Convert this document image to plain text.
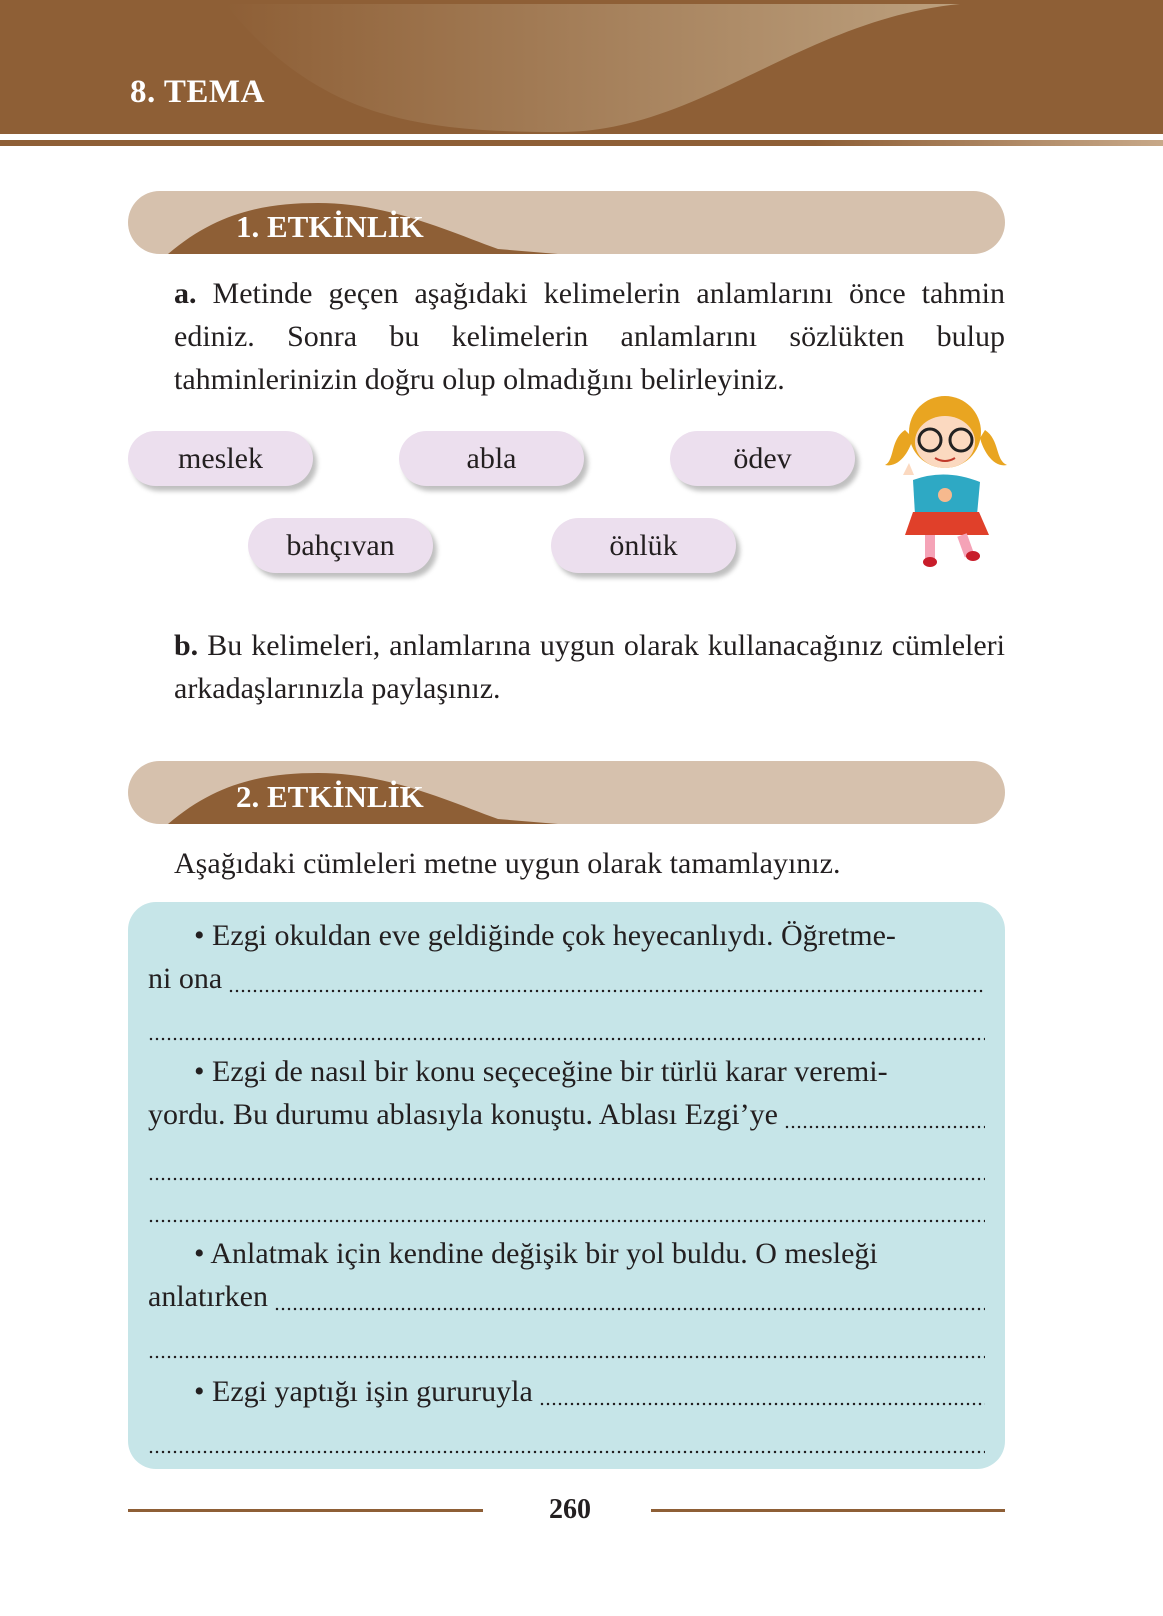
8. TEMA
1. ETKİNLİK
a. Metinde geçen aşağıdaki kelimelerin anlamlarını önce tahmin ediniz. Sonra bu kelimelerin anlamlarını sözlükten bulup tahminlerinizin doğru olup olmadığını belirleyiniz.
meslek	abla	ödev
bahçıvan	önlük
b. Bu kelimeleri, anlamlarına uygun olarak kullanacağınız cümleleri arkadaşlarınızla paylaşınız.
2. ETKİNLİK
Aşağıdaki cümleleri metne uygun olarak tamamlayınız.
• Ezgi okuldan eve geldiğinde çok heyecanlıydı. Öğretme-
ni ona
• Ezgi de nasıl bir konu seçeceğine bir türlü karar veremi-
yordu. Bu durumu ablasıyla konuştu. Ablası Ezgi’ye
• Anlatmak için kendine değişik bir yol buldu. O mesleği
anlatırken
• Ezgi yaptığı işin gururuyla
260
